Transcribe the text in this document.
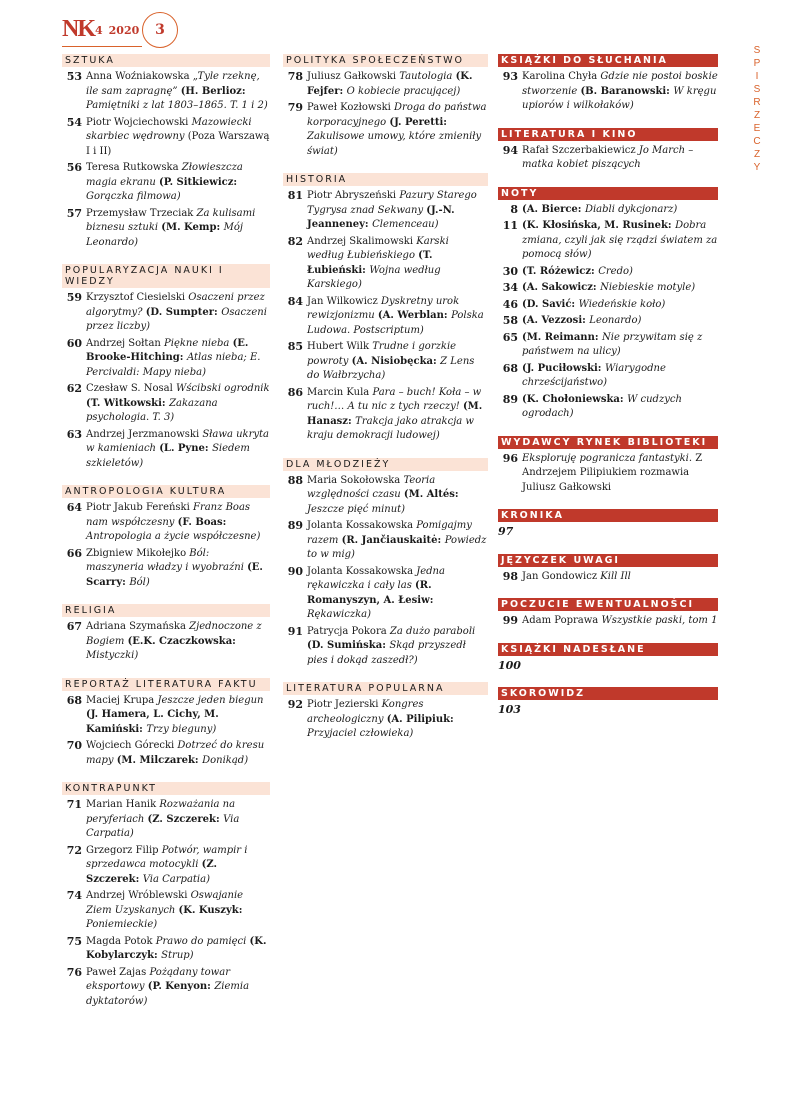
NK 4 2020	3
SPIS RZECZY
SZTUKA
53 Anna Woźniakowska „Tyle rzeknę, ile sam zapragnę” (H. Berlioz: Pamiętniki z lat 1803–1865. T. 1 i 2)
54 Piotr Wojciechowski Mazowiecki skarbiec wędrowny (Poza Warszawą I i II)
56 Teresa Rutkowska Złowieszcza magia ekranu (P. Sitkiewicz: Gorączka filmowa)
57 Przemysław Trzeciak Za kulisami biznesu sztuki (M. Kemp: Mój Leonardo)
POPULARYZACJA NAUKI I WIEDZY
59 Krzysztof Ciesielski Osaczeni przez algorytmy? (D. Sumpter: Osaczeni przez liczby)
60 Andrzej Sołtan Piękne nieba (E. Brooke-Hitching: Atlas nieba; E. Percivaldi: Mapy nieba)
62 Czesław S. Nosal Wścibski ogrodnik (T. Witkowski: Zakazana psychologia. T. 3)
63 Andrzej Jerzmanowski Sława ukryta w kamieniach (L. Pyne: Siedem szkieletów)
ANTROPOLOGIA KULTURA
64 Piotr Jakub Fereński Franz Boas nam współczesny (F. Boas: Antropologia a życie współczesne)
66 Zbigniew Mikołejko Ból: maszyneria władzy i wyobraźni (E. Scarry: Ból)
RELIGIA
67 Adriana Szymańska Zjednoczone z Bogiem (E.K. Czaczkowska: Mistyczki)
REPORTAŻ LITERATURA FAKTU
68 Maciej Krupa Jeszcze jeden biegun (J. Hamera, L. Cichy, M. Kamiński: Trzy bieguny)
70 Wojciech Górecki Dotrzeć do kresu mapy (M. Milczarek: Donikąd)
KONTRAPUNKT
71 Marian Hanik Rozważania na peryferiach (Z. Szczerek: Via Carpatia)
72 Grzegorz Filip Potwór, wampir i sprzedawca motocykli (Z. Szczerek: Via Carpatia)
74 Andrzej Wróblewski Oswajanie Ziem Uzyskanych (K. Kuszyk: Poniemieckie)
75 Magda Potok Prawo do pamięci (K. Kobylarczyk: Strup)
76 Paweł Zajas Pożądany towar eksportowy (P. Kenyon: Ziemia dyktatorów)
POLITYKA SPOŁECZEŃSTWO
78 Juliusz Gałkowski Tautologia (K. Fejfer: O kobiecie pracującej)
79 Paweł Kozłowski Droga do państwa korporacyjnego (J. Peretti: Zakulisowe umowy, które zmieniły świat)
HISTORIA
81 Piotr Abryszeński Pazury Starego Tygrysa znad Sekwany (J.-N. Jeanneney: Clemenceau)
82 Andrzej Skalimowski Karski według Łubieńskiego (T. Łubieński: Wojna według Karskiego)
84 Jan Wilkowicz Dyskretny urok rewizjonizmu (A. Werblan: Polska Ludowa. Postscriptum)
85 Hubert Wilk Trudne i gorzkie powroty (A. Nisiobęcka: Z Lens do Wałbrzycha)
86 Marcin Kula Para – buch! Koła – w ruch!… A tu nic z tych rzeczy! (M. Hanasz: Trakcja jako atrakcja w kraju demokracji ludowej)
DLA MŁODZIEŻY
88 Maria Sokołowska Teoria względności czasu (M. Altés: Jeszcze pięć minut)
89 Jolanta Kossakowska Pomigajmy razem (R. Jančiauskaitė: Powiedz to w mig)
90 Jolanta Kossakowska Jedna rękawiczka i cały las (R. Romanyszyn, A. Łesiw: Rękawiczka)
91 Patrycja Pokora Za dużo paraboli (D. Sumińska: Skąd przyszedł pies i dokąd zaszedł?)
LITERATURA POPULARNA
92 Piotr Jezierski Kongres archeologiczny (A. Pilipiuk: Przyjaciel człowieka)
KSIĄŻKI DO SŁUCHANIA
93 Karolina Chyła Gdzie nie postoi boskie stworzenie (B. Baranowski: W kręgu upiorów i wilkołaków)
LITERATURA I KINO
94 Rafał Szczerbakiewicz Jo March – matka kobiet piszących
NOTY
8 (A. Bierce: Diabli dykcjonarz)
11 (K. Kłosińska, M. Rusinek: Dobra zmiana, czyli jak się rządzi światem za pomocą słów)
30 (T. Różewicz: Credo)
34 (A. Sakowicz: Niebieskie motyle)
46 (D. Savić: Wiedeńskie koło)
58 (A. Vezzosi: Leonardo)
65 (M. Reimann: Nie przywitam się z państwem na ulicy)
68 (J. Puciłowski: Wiarygodne chrześcijaństwo)
89 (K. Chołoniewska: W cudzych ogrodach)
WYDAWCY RYNEK BIBLIOTEKI
96 Eksploruję pogranicza fantastyki. Z Andrzejem Pilipiukiem rozmawia Juliusz Gałkowski
KRONIKA
97
JĘZYCZEK UWAGI
98 Jan Gondowicz Kill Ill
POCZUCIE EWENTUALNOŚCI
99 Adam Poprawa Wszystkie paski, tom 1
KSIĄŻKI NADESŁANE
100
SKOROWIDZ
103
